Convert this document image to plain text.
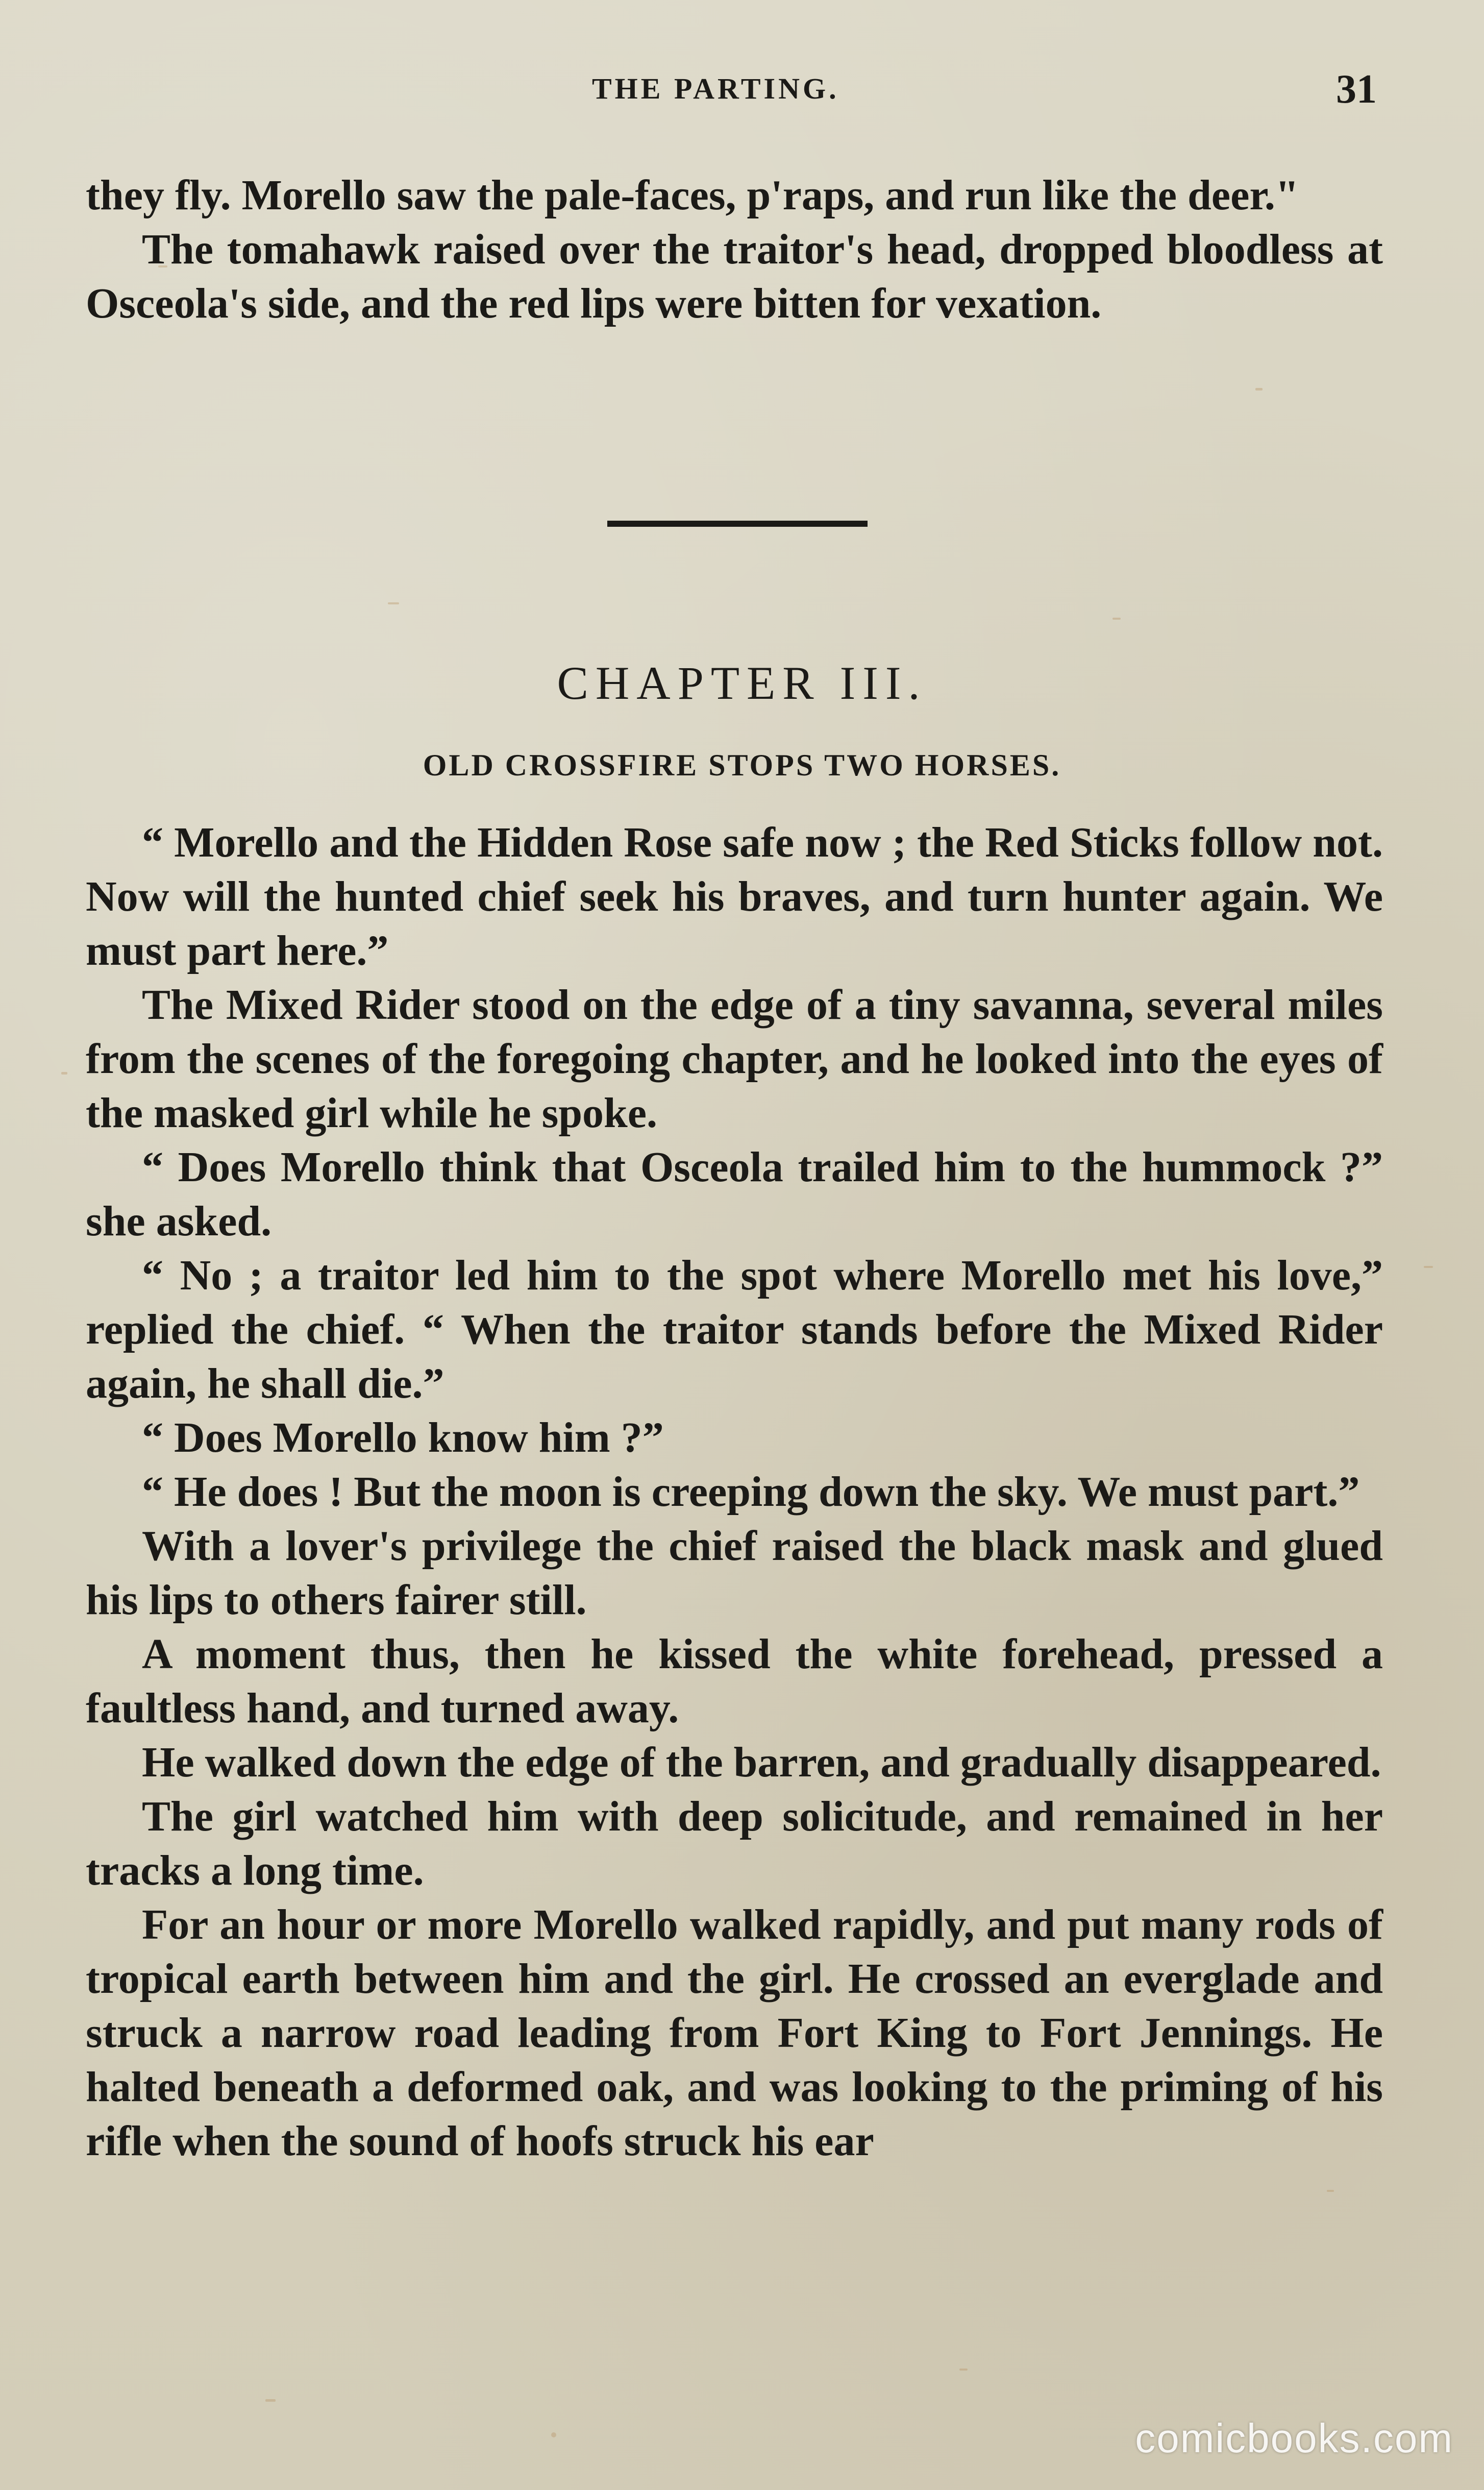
THE PARTING.	31

they fly. Morello saw the pale-faces, p'raps, and run like the deer."

The tomahawk raised over the traitor's head, dropped bloodless at Osceola's side, and the red lips were bitten for vexation.

CHAPTER III.
OLD CROSSFIRE STOPS TWO HORSES.

“ Morello and the Hidden Rose safe now ; the Red Sticks follow not. Now will the hunted chief seek his braves, and turn hunter again. We must part here.”

The Mixed Rider stood on the edge of a tiny savanna, several miles from the scenes of the foregoing chapter, and he looked into the eyes of the masked girl while he spoke.

“ Does Morello think that Osceola trailed him to the hummock ?” she asked.

“ No ; a traitor led him to the spot where Morello met his love,” replied the chief. “ When the traitor stands before the Mixed Rider again, he shall die.”

“ Does Morello know him ?”

“ He does ! But the moon is creeping down the sky. We must part.”

With a lover's privilege the chief raised the black mask and glued his lips to others fairer still.

A moment thus, then he kissed the white forehead, pressed a faultless hand, and turned away.

He walked down the edge of the barren, and gradually disappeared.

The girl watched him with deep solicitude, and remained in her tracks a long time.

For an hour or more Morello walked rapidly, and put many rods of tropical earth between him and the girl. He crossed an everglade and struck a narrow road leading from Fort King to Fort Jennings. He halted beneath a deformed oak, and was looking to the priming of his rifle when the sound of hoofs struck his ear

comicbooks.com
